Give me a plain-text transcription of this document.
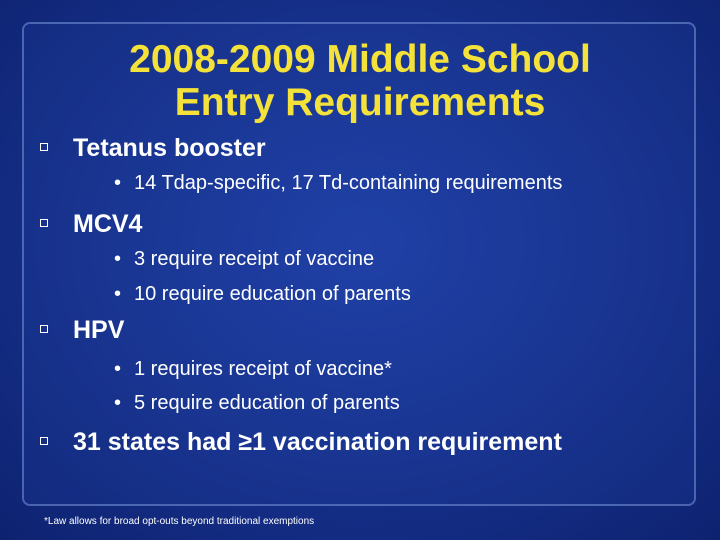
2008-2009 Middle School
Entry Requirements
Tetanus booster
• 14 Tdap-specific, 17 Td-containing requirements
MCV4
• 3 require receipt of vaccine
• 10 require education of parents
HPV
• 1 requires receipt of vaccine*
• 5 require education of parents
31 states had ≥1 vaccination requirement
*Law allows for broad opt-outs beyond traditional exemptions
